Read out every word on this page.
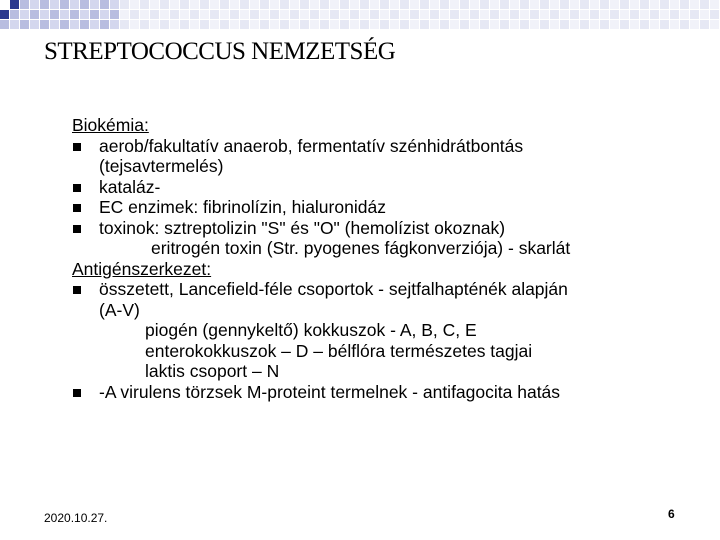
STREPTOCOCCUS NEMZETSÉG
Biokémia:
aerob/fakultatív anaerob, fermentatív szénhidrátbontás
(tejsavtermelés)
kataláz-
EC enzimek: fibrinolízin, hialuronidáz
toxinok: sztreptolizin "S" és "O" (hemolízist okoznak)
eritrogén toxin (Str. pyogenes fágkonverziója) - skarlát
Antigénszerkezet:
összetett, Lancefield-féle csoportok - sejtfalhapténék alapján
(A-V)
piogén (gennykeltő) kokkuszok - A, B, C, E
enterokokkuszok – D – bélflóra természetes tagjai
laktis csoport – N
-A virulens törzsek M-proteint termelnek - antifagocita hatás
2020.10.27.	6
